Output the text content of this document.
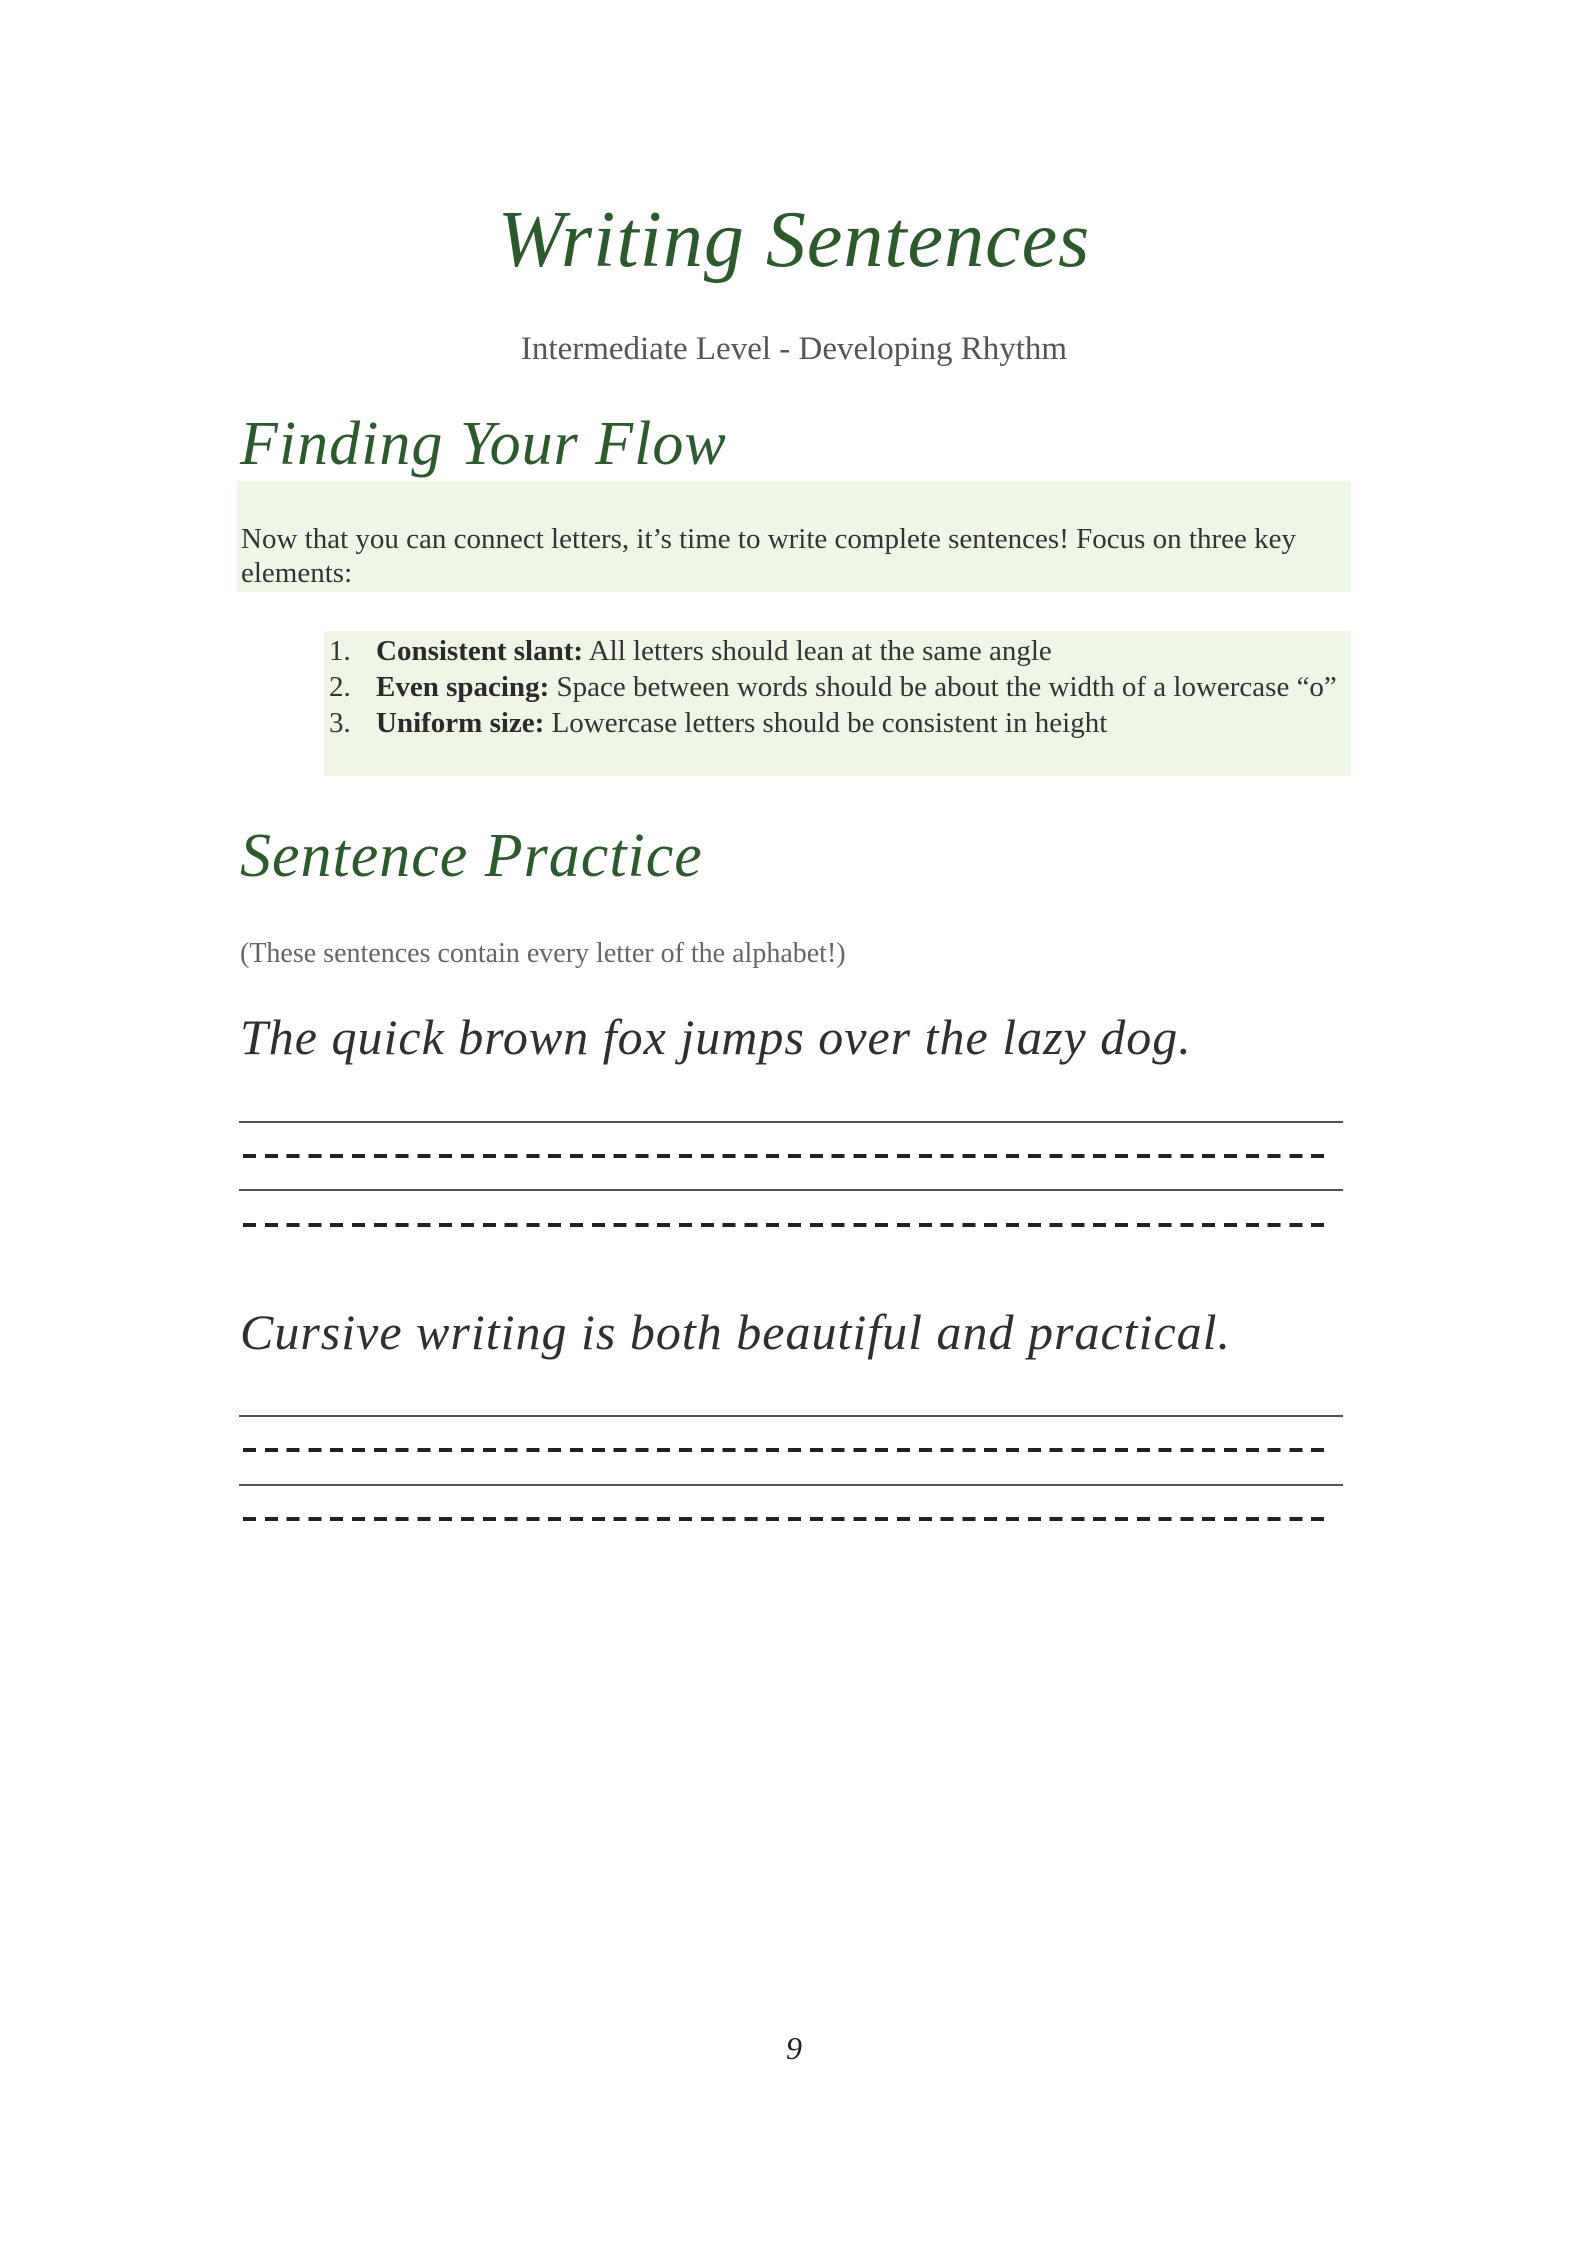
Writing Sentences
Intermediate Level - Developing Rhythm
Finding Your Flow
Now that you can connect letters, it’s time to write complete sentences! Focus on three key elements:
1. Consistent slant: All letters should lean at the same angle
2. Even spacing: Space between words should be about the width of a lowercase “o”
3. Uniform size: Lowercase letters should be consistent in height
Sentence Practice
(These sentences contain every letter of the alphabet!)
The quick brown fox jumps over the lazy dog.
Cursive writing is both beautiful and practical.
9
